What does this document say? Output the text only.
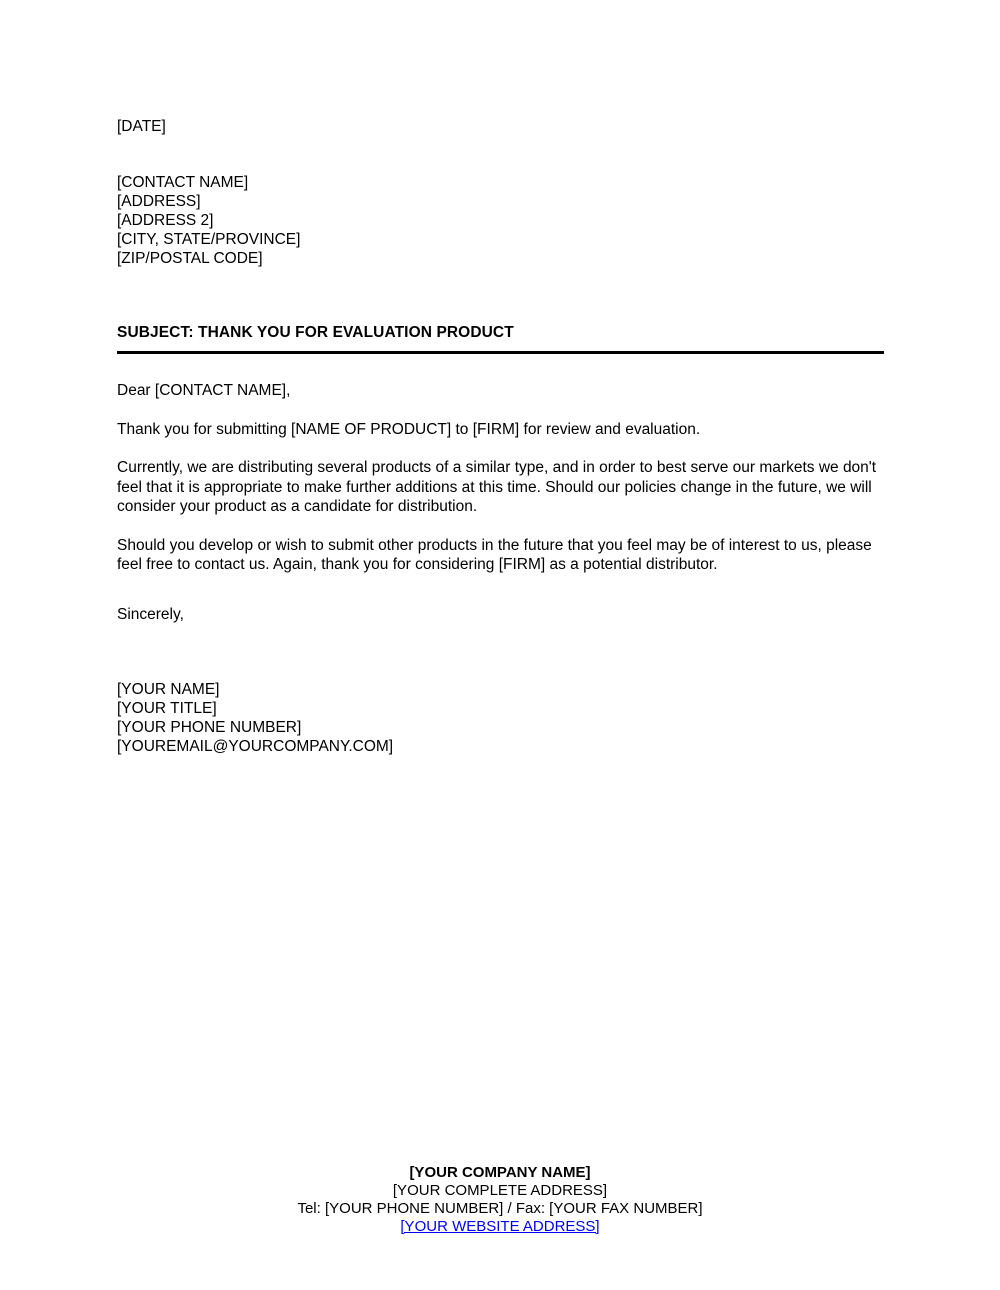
[DATE]
[CONTACT NAME]
[ADDRESS]
[ADDRESS 2]
[CITY, STATE/PROVINCE]
[ZIP/POSTAL CODE]
SUBJECT: THANK YOU FOR EVALUATION PRODUCT

Dear [CONTACT NAME],

Thank you for submitting [NAME OF PRODUCT] to [FIRM] for review and evaluation.

Currently, we are distributing several products of a similar type, and in order to best serve our markets we don't feel that it is appropriate to make further additions at this time. Should our policies change in the future, we will consider your product as a candidate for distribution.

Should you develop or wish to submit other products in the future that you feel may be of interest to us, please feel free to contact us. Again, thank you for considering [FIRM] as a potential distributor.

Sincerely,
[YOUR NAME]
[YOUR TITLE]
[YOUR PHONE NUMBER]
[YOUREMAIL@YOURCOMPANY.COM]
[YOUR COMPANY NAME]
[YOUR COMPLETE ADDRESS]
Tel: [YOUR PHONE NUMBER] / Fax: [YOUR FAX NUMBER]
[YOUR WEBSITE ADDRESS]
